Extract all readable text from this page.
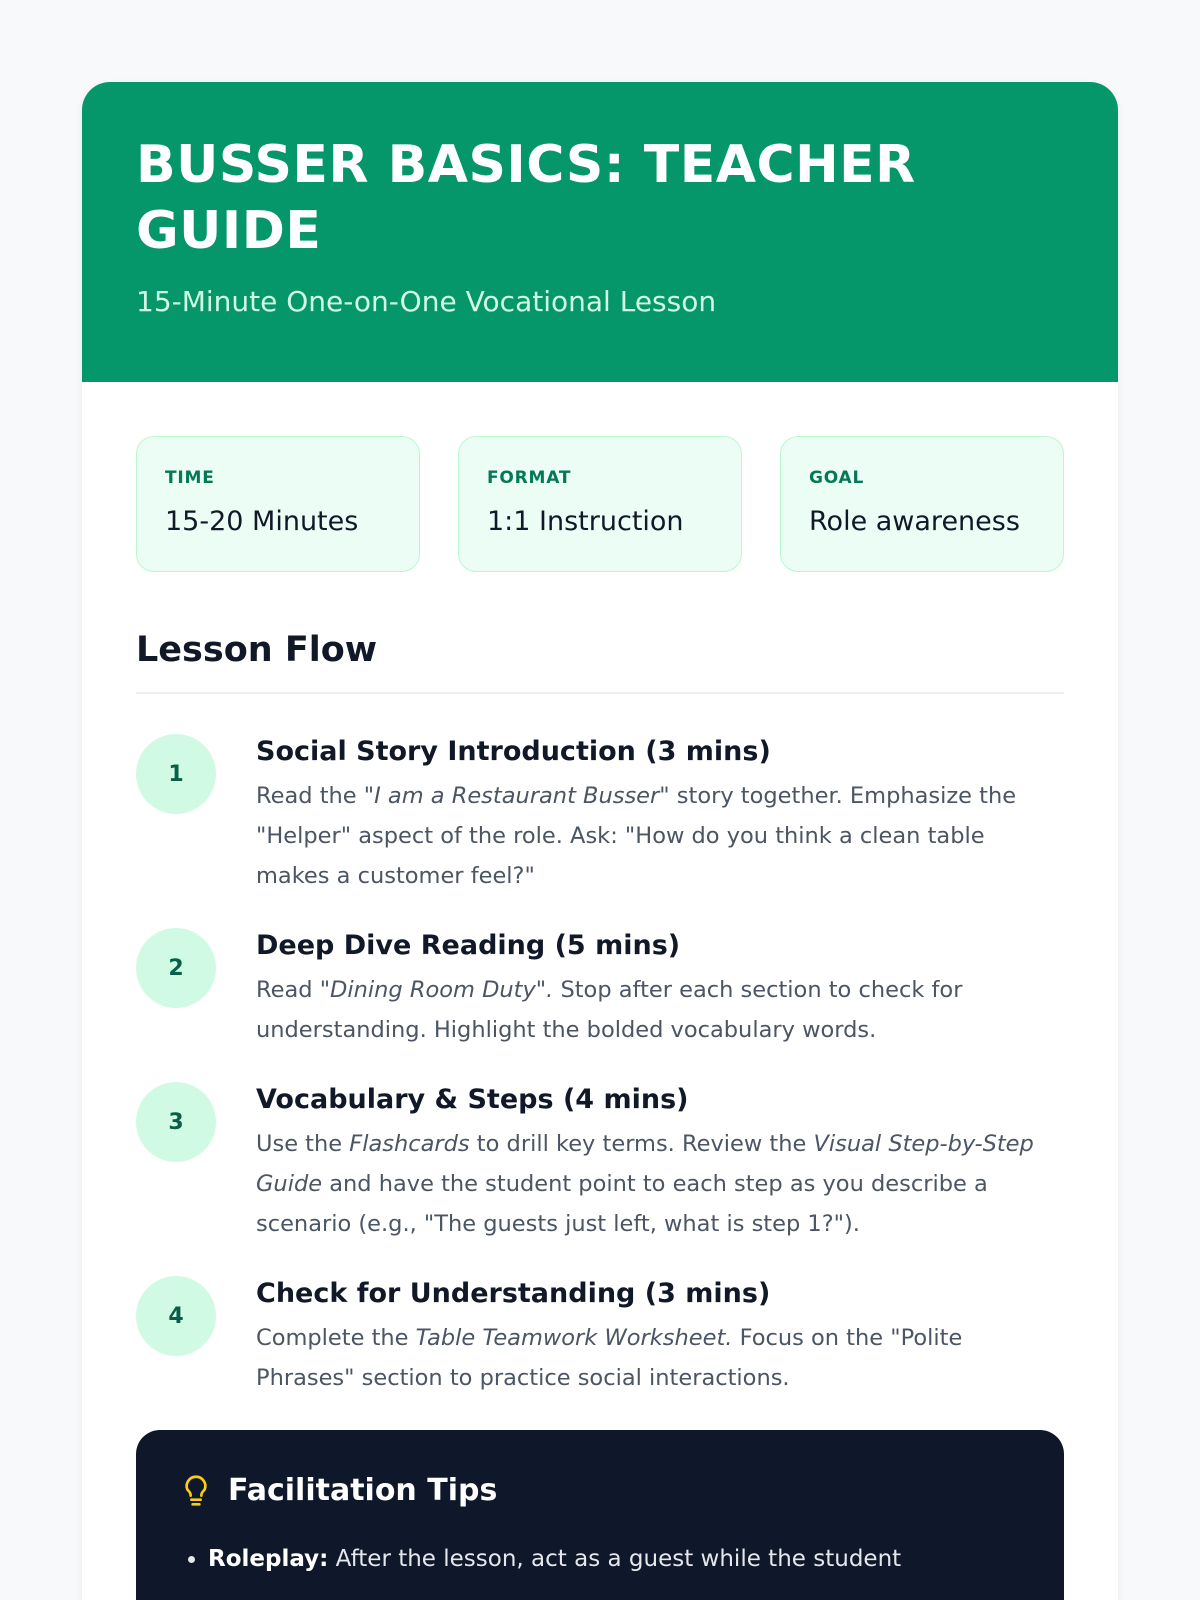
BUSSER BASICS: TEACHER GUIDE
15-Minute One-on-One Vocational Lesson
TIME
15-20 Minutes
FORMAT
1:1 Instruction
GOAL
Role awareness
Lesson Flow
1
Social Story Introduction (3 mins)
Read the "I am a Restaurant Busser" story together. Emphasize the "Helper" aspect of the role. Ask: "How do you think a clean table makes a customer feel?"
2
Deep Dive Reading (5 mins)
Read "Dining Room Duty". Stop after each section to check for understanding. Highlight the bolded vocabulary words.
3
Vocabulary & Steps (4 mins)
Use the Flashcards to drill key terms. Review the Visual Step-by-Step Guide and have the student point to each step as you describe a scenario (e.g., "The guests just left, what is step 1?").
4
Check for Understanding (3 mins)
Complete the Table Teamwork Worksheet. Focus on the "Polite Phrases" section to practice social interactions.
Facilitation Tips
• Roleplay: After the lesson, act as a guest while the student
